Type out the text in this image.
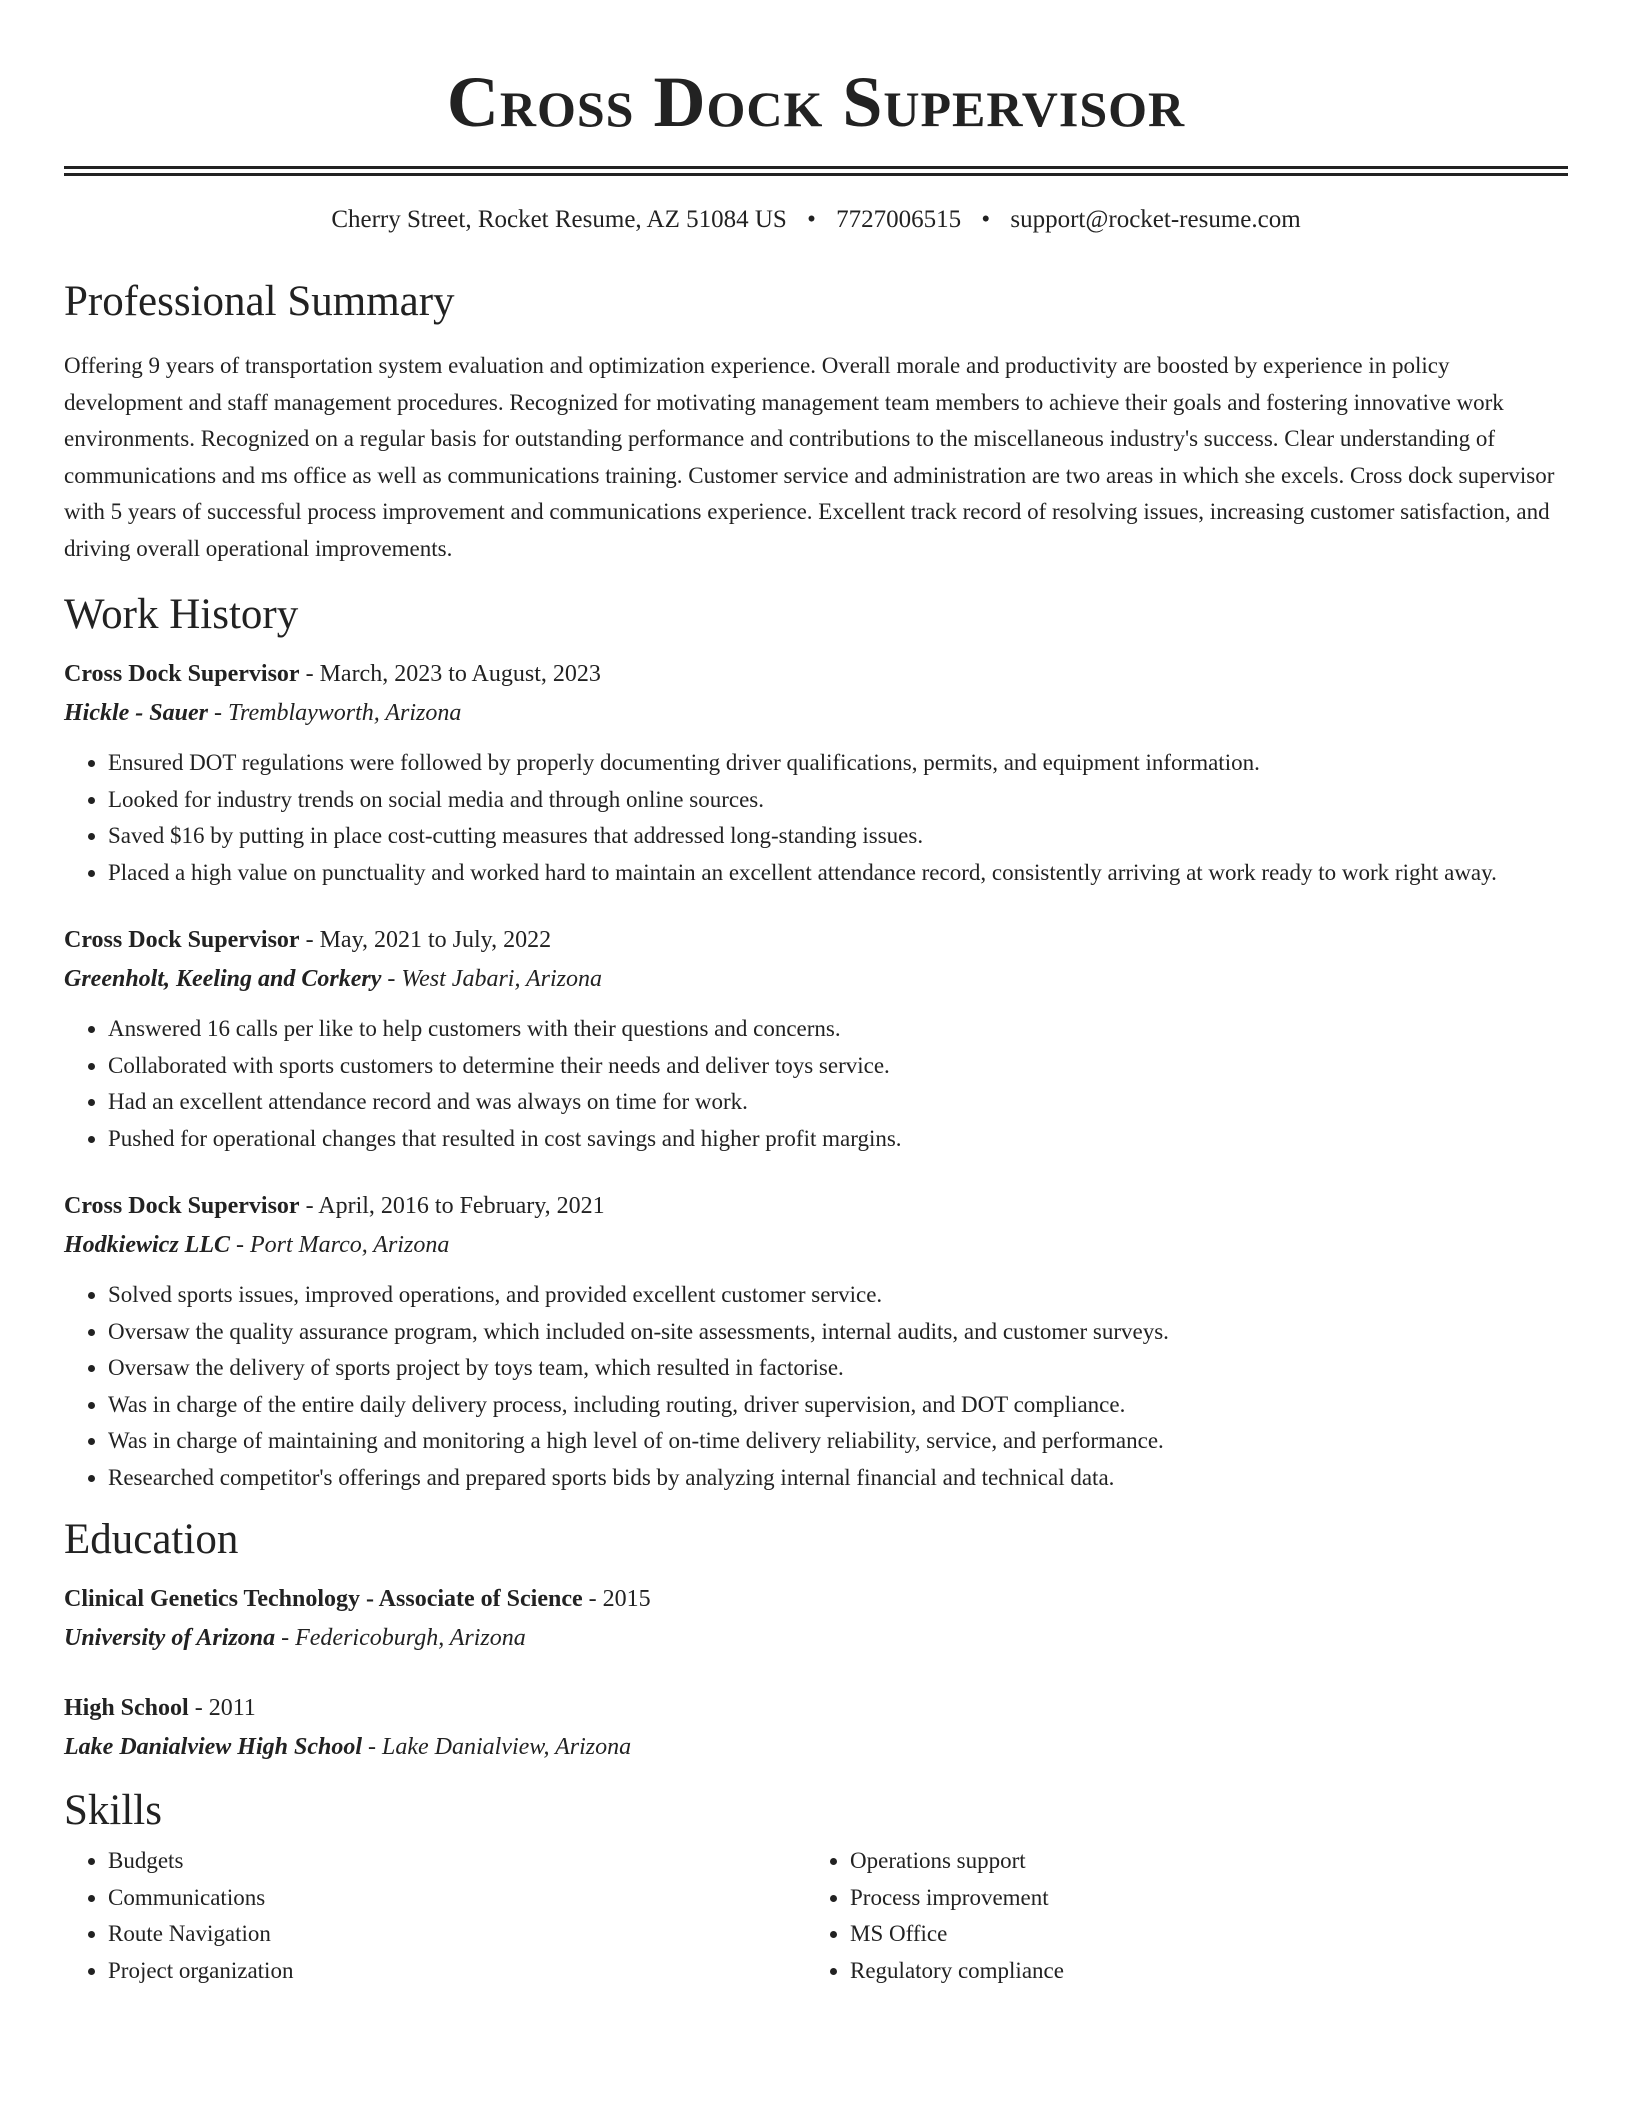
Cross Dock Supervisor
Cherry Street, Rocket Resume, AZ 51084 US • 7727006515 • support@rocket-resume.com
Professional Summary

Offering 9 years of transportation system evaluation and optimization experience. Overall morale and productivity are boosted by experience in policy development and staff management procedures. Recognized for motivating management team members to achieve their goals and fostering innovative work environments. Recognized on a regular basis for outstanding performance and contributions to the miscellaneous industry's success. Clear understanding of communications and ms office as well as communications training. Customer service and administration are two areas in which she excels. Cross dock supervisor with 5 years of successful process improvement and communications experience. Excellent track record of resolving issues, increasing customer satisfaction, and driving overall operational improvements.

Work History
Cross Dock Supervisor - March, 2023 to August, 2023
Hickle - Sauer - Tremblayworth, Arizona
• Ensured DOT regulations were followed by properly documenting driver qualifications, permits, and equipment information.
• Looked for industry trends on social media and through online sources.
• Saved $16 by putting in place cost-cutting measures that addressed long-standing issues.
• Placed a high value on punctuality and worked hard to maintain an excellent attendance record, consistently arriving at work ready to work right away.
Cross Dock Supervisor - May, 2021 to July, 2022
Greenholt, Keeling and Corkery - West Jabari, Arizona
• Answered 16 calls per like to help customers with their questions and concerns.
• Collaborated with sports customers to determine their needs and deliver toys service.
• Had an excellent attendance record and was always on time for work.
• Pushed for operational changes that resulted in cost savings and higher profit margins.
Cross Dock Supervisor - April, 2016 to February, 2021
Hodkiewicz LLC - Port Marco, Arizona
• Solved sports issues, improved operations, and provided excellent customer service.
• Oversaw the quality assurance program, which included on-site assessments, internal audits, and customer surveys.
• Oversaw the delivery of sports project by toys team, which resulted in factorise.
• Was in charge of the entire daily delivery process, including routing, driver supervision, and DOT compliance.
• Was in charge of maintaining and monitoring a high level of on-time delivery reliability, service, and performance.
• Researched competitor's offerings and prepared sports bids by analyzing internal financial and technical data.
Education
Clinical Genetics Technology - Associate of Science - 2015
University of Arizona - Federicoburgh, Arizona
High School - 2011
Lake Danialview High School - Lake Danialview, Arizona
Skills
• Budgets
• Communications
• Route Navigation
• Project organization
• Operations support
• Process improvement
• MS Office
• Regulatory compliance
